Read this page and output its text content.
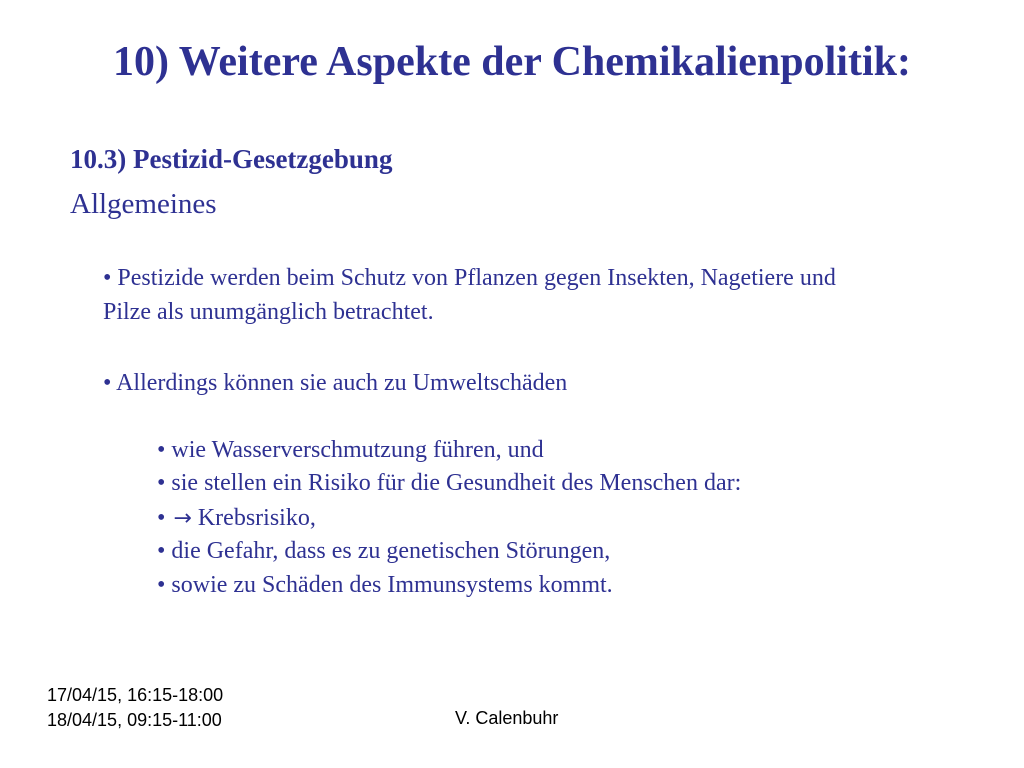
10) Weitere Aspekte der Chemikalienpolitik:
10.3) Pestizid-Gesetzgebung
Allgemeines
• Pestizide werden beim Schutz von Pflanzen gegen Insekten, Nagetiere und
Pilze als unumgänglich betrachtet.
• Allerdings können sie auch zu Umweltschäden
• wie Wasserverschmutzung führen, und
• sie stellen ein Risiko für die Gesundheit des Menschen dar:
• → Krebsrisiko,
• die Gefahr, dass es zu genetischen Störungen,
• sowie zu Schäden des Immunsystems kommt.
17/04/15, 16:15-18:00
18/04/15, 09:15-11:00	V. Calenbuhr
